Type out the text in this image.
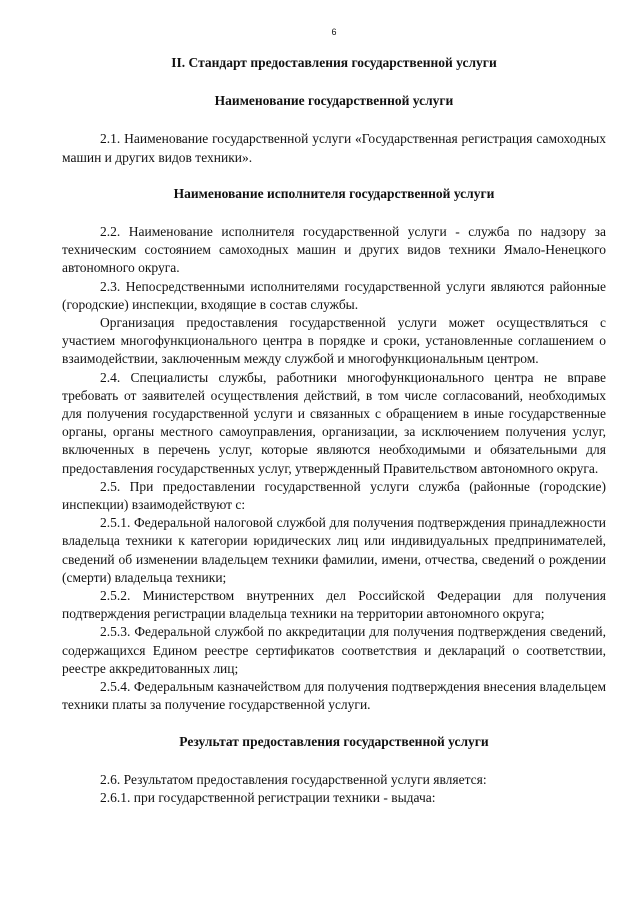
6
II. Стандарт предоставления государственной услуги
Наименование государственной услуги

2.1. Наименование государственной услуги «Государственная регистрация самоходных машин и других видов техники».

Наименование исполнителя государственной услуги

2.2. Наименование исполнителя государственной услуги - служба по надзору за техническим состоянием самоходных машин и других видов техники Ямало-Ненецкого автономного округа.

2.3. Непосредственными исполнителями государственной услуги являются районные (городские) инспекции, входящие в состав службы.

Организация предоставления государственной услуги может осуществляться с участием многофункционального центра в порядке и сроки, установленные соглашением о взаимодействии, заключенным между службой и многофункциональным центром.

2.4. Специалисты службы, работники многофункционального центра не вправе требовать от заявителей осуществления действий, в том числе согласований, необходимых для получения государственной услуги и связанных с обращением в иные государственные органы, органы местного самоуправления, организации, за исключением получения услуг, включенных в перечень услуг, которые являются необходимыми и обязательными для предоставления государственных услуг, утвержденный Правительством автономного округа.

2.5. При предоставлении государственной услуги служба (районные (городские) инспекции) взаимодействуют с:

2.5.1. Федеральной налоговой службой для получения подтверждения принадлежности владельца техники к категории юридических лиц или индивидуальных предпринимателей, сведений об изменении владельцем техники фамилии, имени, отчества, сведений о рождении (смерти) владельца техники;

2.5.2. Министерством внутренних дел Российской Федерации для получения подтверждения регистрации владельца техники на территории автономного округа;

2.5.3. Федеральной службой по аккредитации для получения подтверждения сведений, содержащихся Едином реестре сертификатов соответствия и деклараций о соответствии, реестре аккредитованных лиц;

2.5.4. Федеральным казначейством для получения подтверждения внесения владельцем техники платы за получение государственной услуги.

Результат предоставления государственной услуги

2.6. Результатом предоставления государственной услуги является:

2.6.1. при государственной регистрации техники - выдача:
